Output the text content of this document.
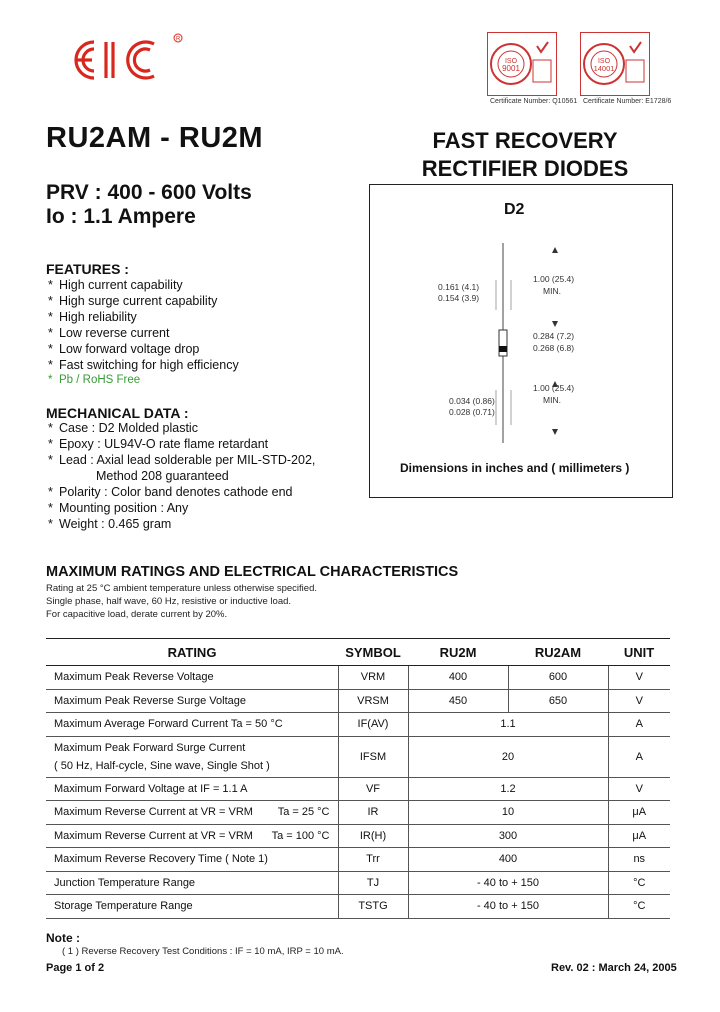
R
ISO
9001
ISO
14001
Certificate Number: Q10561 Certificate Number: E1728/6
RU2AM - RU2M	FAST RECOVERY
RECTIFIER DIODES
PRV : 400 - 600 Volts
Io : 1.1 Ampere
FEATURES :
* High current capability
* High surge current capability
* High reliability
* Low reverse current
* Low forward voltage drop
* Fast switching for high efficiency
* Pb / RoHS Free
MECHANICAL DATA :
* Case : D2 Molded plastic
* Epoxy : UL94V-O rate flame retardant
* Lead : Axial lead solderable per MIL-STD-202,
Method 208 guaranteed
* Polarity : Color band denotes cathode end
* Mounting position : Any
* Weight : 0.465 gram
D2
0.161 (4.1)
0.154 (3.9)
1.00 (25.4)
MIN.
0.284 (7.2)
0.268 (6.8)
0.034 (0.86)
0.028 (0.71)
1.00 (25.4)
MIN.
Dimensions in inches and ( millimeters )
MAXIMUM RATINGS AND ELECTRICAL CHARACTERISTICS
Rating at 25 °C ambient temperature unless otherwise specified.
Single phase, half wave, 60 Hz, resistive or inductive load.
For capacitive load, derate current by 20%.
RATING	SYMBOL	RU2M	RU2AM	UNIT
Maximum Peak Reverse Voltage	VRM	400	600	V
Maximum Peak Reverse Surge Voltage	VRSM	450	650	V
Maximum Average Forward Current Ta = 50 °C	IF(AV)	1.1		A
Maximum Peak Forward Surge Current
( 50 Hz, Half-cycle, Sine wave, Single Shot )	IFSM	20		A
Maximum Forward Voltage at IF = 1.1 A	VF	1.2		V
Maximum Reverse Current at VR = VRM Ta = 25 °C	IR	10		μA
Maximum Reverse Current at VR = VRM Ta = 100 °C	IR(H)	300		μA
Maximum Reverse Recovery Time ( Note 1)	Trr	400		ns
Junction Temperature Range	TJ	- 40 to + 150		°C
Storage Temperature Range	TSTG	- 40 to + 150		°C
Note :
( 1 ) Reverse Recovery Test Conditions : IF = 10 mA, IRP = 10 mA.
Page 1 of 2	Rev. 02 : March 24, 2005
